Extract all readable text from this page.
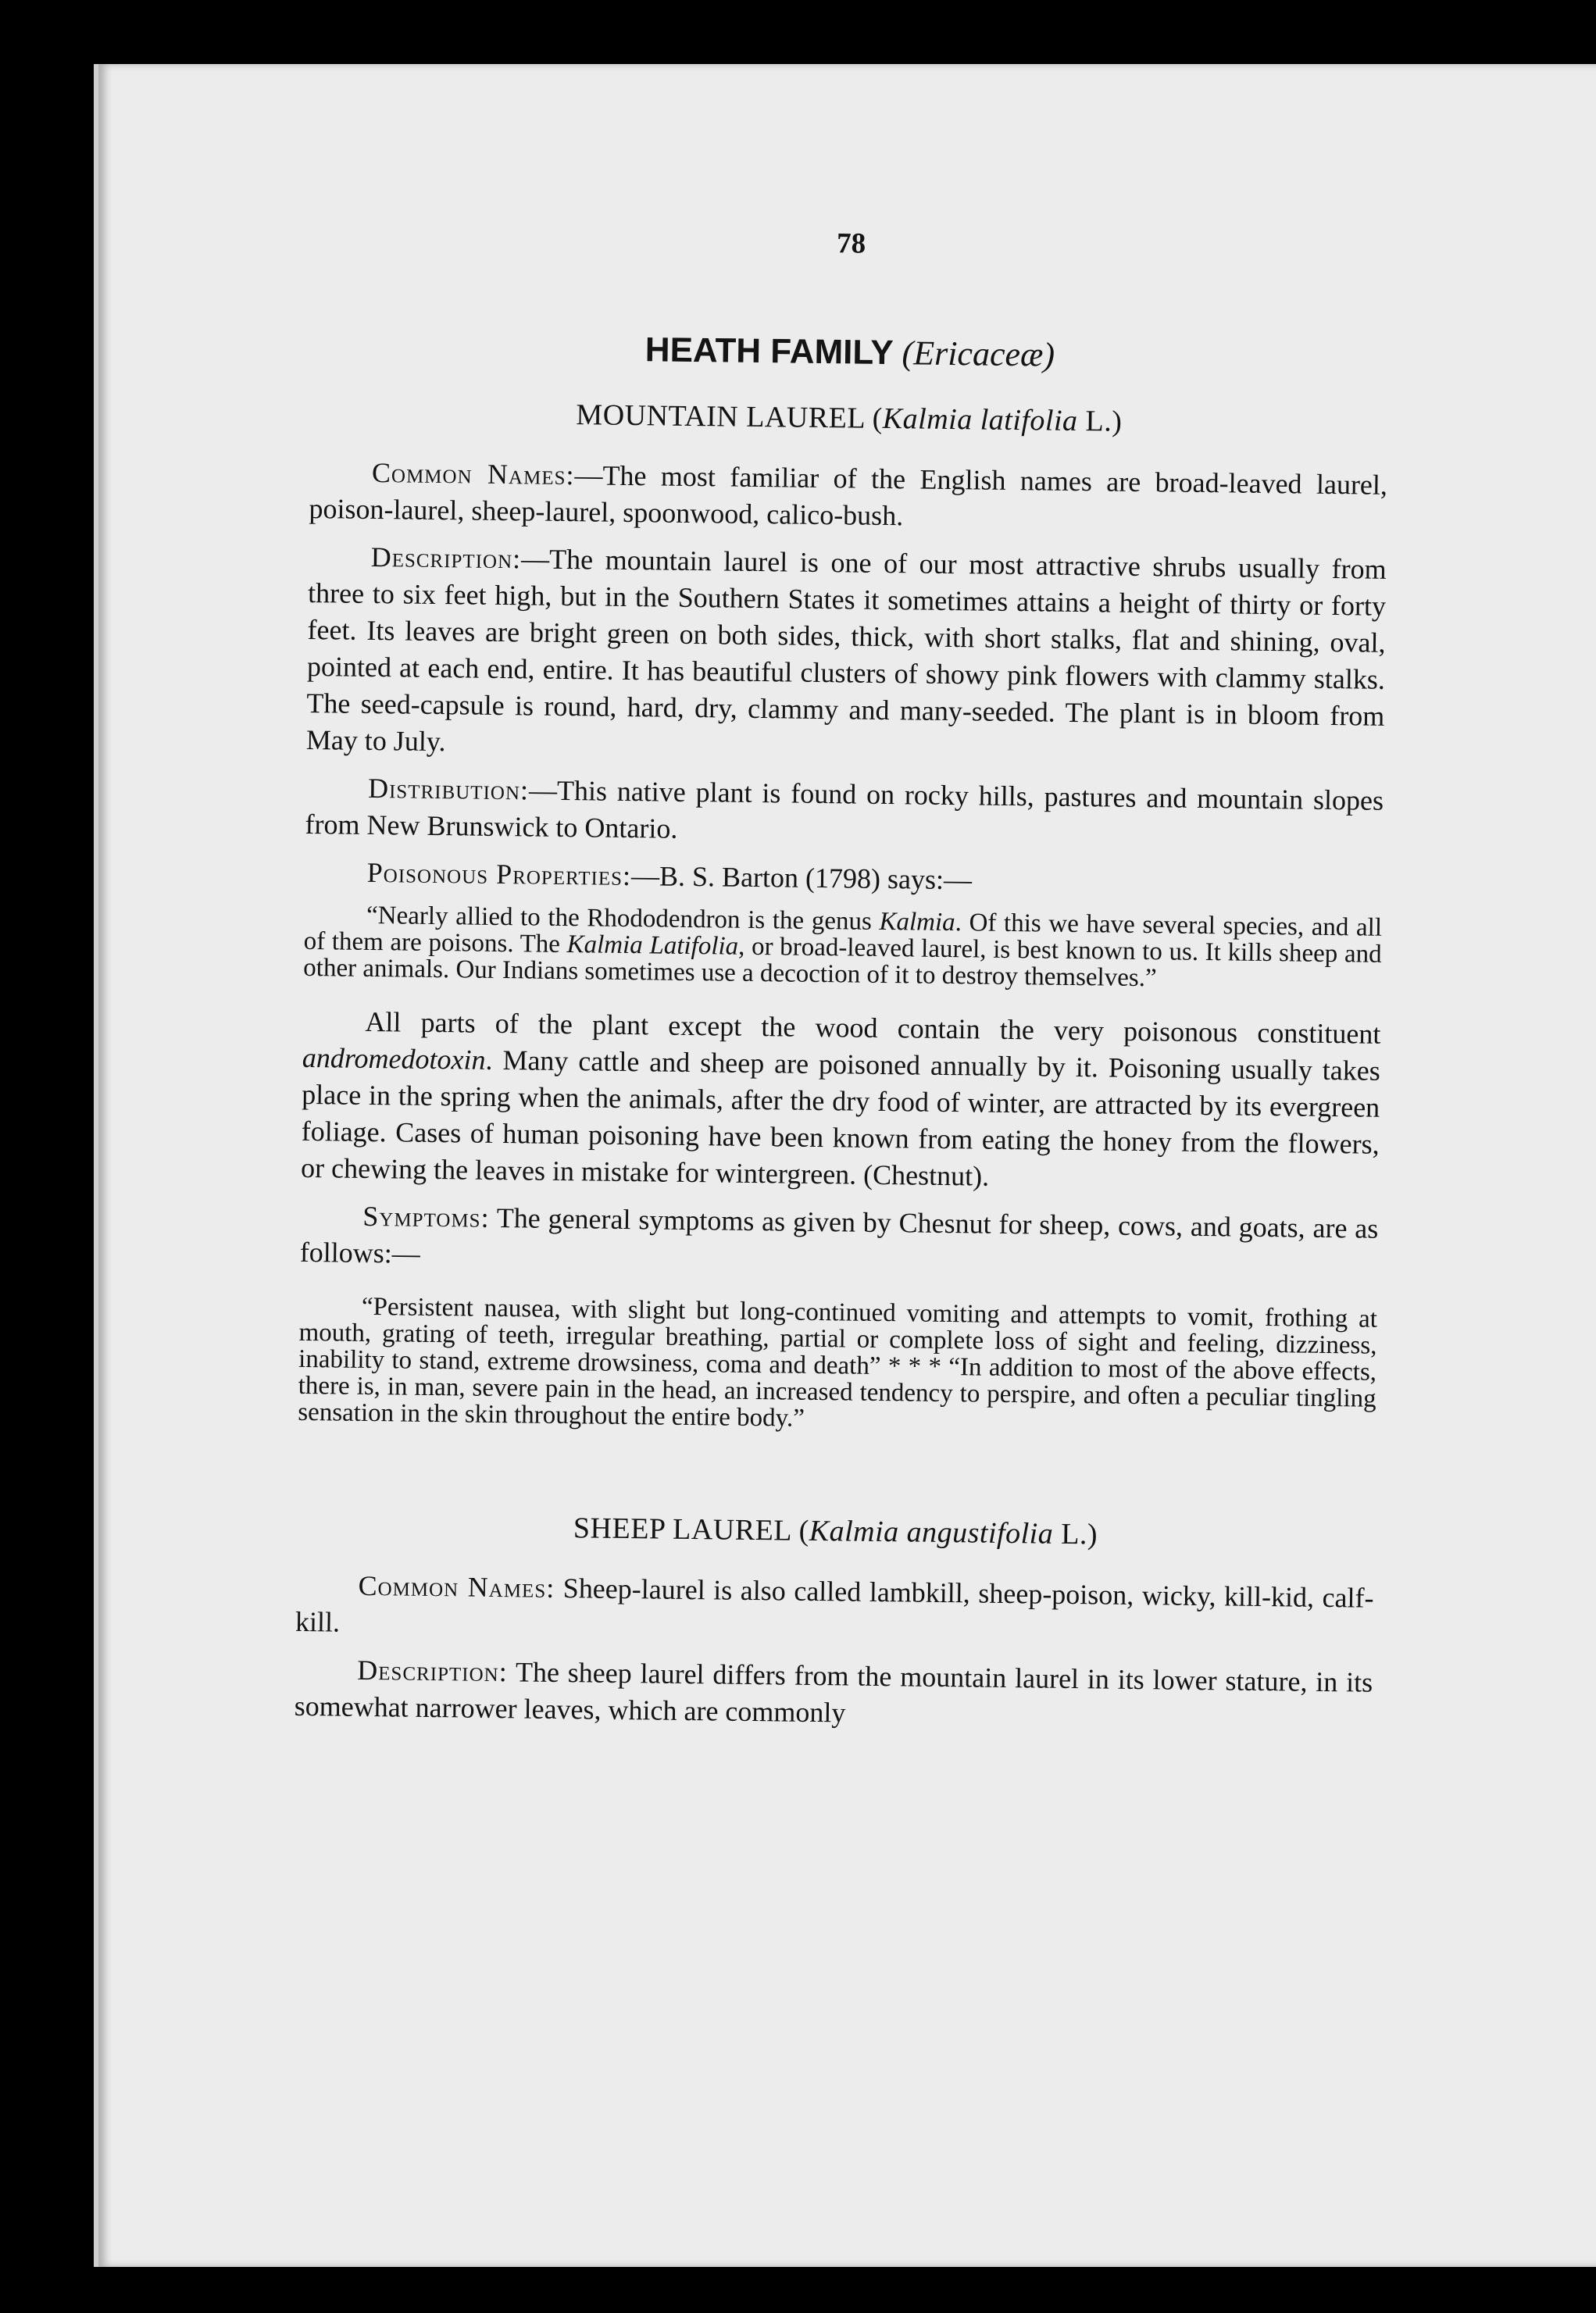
78
HEATH FAMILY (Ericaceæ)
MOUNTAIN LAUREL (Kalmia latifolia L.)

Common Names:—The most familiar of the English names are broad-leaved laurel, poison-laurel, sheep-laurel, spoonwood, calico-bush.

Description:—The mountain laurel is one of our most attractive shrubs usually from three to six feet high, but in the Southern States it sometimes attains a height of thirty or forty feet. Its leaves are bright green on both sides, thick, with short stalks, flat and shining, oval, pointed at each end, entire. It has beautiful clusters of showy pink flowers with clammy stalks. The seed-capsule is round, hard, dry, clammy and many-seeded. The plant is in bloom from May to July.

Distribution:—This native plant is found on rocky hills, pastures and mountain slopes from New Brunswick to Ontario.

Poisonous Properties:—B. S. Barton (1798) says:—

“Nearly allied to the Rhododendron is the genus Kalmia. Of this we have several species, and all of them are poisons. The Kalmia Latifolia, or broad-leaved laurel, is best known to us. It kills sheep and other animals. Our Indians sometimes use a decoction of it to destroy themselves.”

All parts of the plant except the wood contain the very poisonous constituent andromedotoxin. Many cattle and sheep are poisoned annually by it. Poisoning usually takes place in the spring when the animals, after the dry food of winter, are attracted by its evergreen foliage. Cases of human poisoning have been known from eating the honey from the flowers, or chewing the leaves in mistake for wintergreen. (Chestnut).

Symptoms: The general symptoms as given by Chesnut for sheep, cows, and goats, are as follows:—

“Persistent nausea, with slight but long-continued vomiting and attempts to vomit, frothing at mouth, grating of teeth, irregular breathing, partial or complete loss of sight and feeling, dizziness, inability to stand, extreme drowsiness, coma and death” * * * “In addition to most of the above effects, there is, in man, severe pain in the head, an increased tendency to perspire, and often a peculiar tingling sensation in the skin throughout the entire body.”

SHEEP LAUREL (Kalmia angustifolia L.)

Common Names: Sheep-laurel is also called lambkill, sheep-poison, wicky, kill-kid, calf-kill.

Description: The sheep laurel differs from the mountain laurel in its lower stature, in its somewhat narrower leaves, which are commonly
